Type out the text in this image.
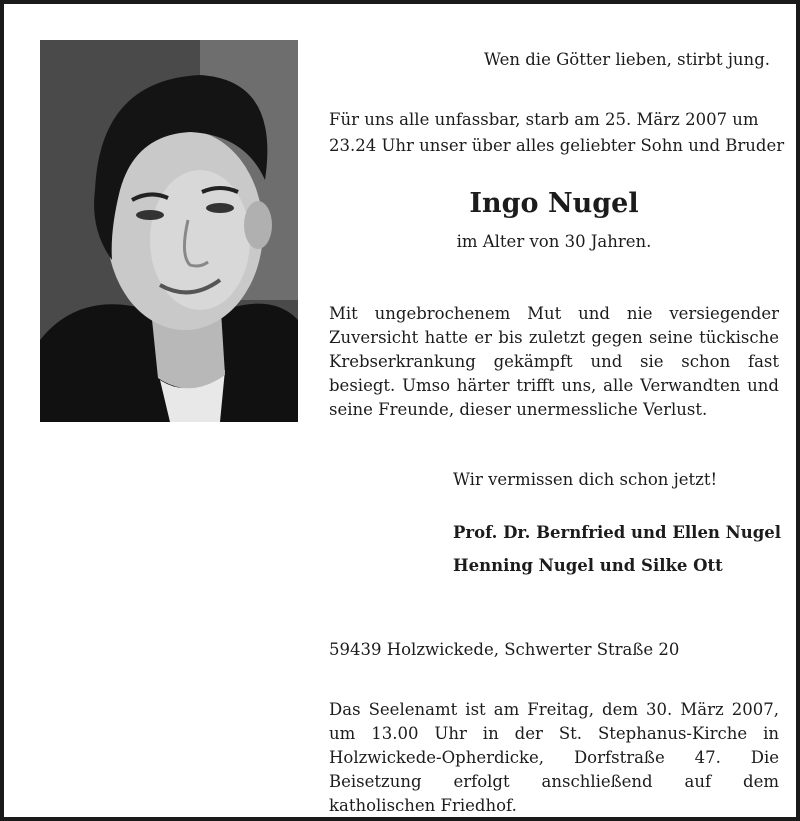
Wen die Götter lieben, stirbt jung.
Für uns alle unfassbar, starb am 25. März 2007 um
23.24 Uhr unser über alles geliebter Sohn und Bruder
Ingo Nugel
im Alter von 30 Jahren.
Mit ungebrochenem Mut und nie versiegender Zuversicht hatte er bis zuletzt gegen seine tückische Krebserkrankung gekämpft und sie schon fast besiegt. Umso härter trifft uns, alle Verwandten und seine Freunde, dieser unermessliche Verlust.
Wir vermissen dich schon jetzt!
Prof. Dr. Bernfried und Ellen Nugel
Henning Nugel und Silke Ott
59439 Holzwickede, Schwerter Straße 20
Das Seelenamt ist am Freitag, dem 30. März 2007, um 13.00 Uhr in der St. Stephanus-Kirche in Holzwickede-Opherdicke, Dorfstraße 47. Die Beisetzung erfolgt anschließend auf dem katholischen Friedhof.
